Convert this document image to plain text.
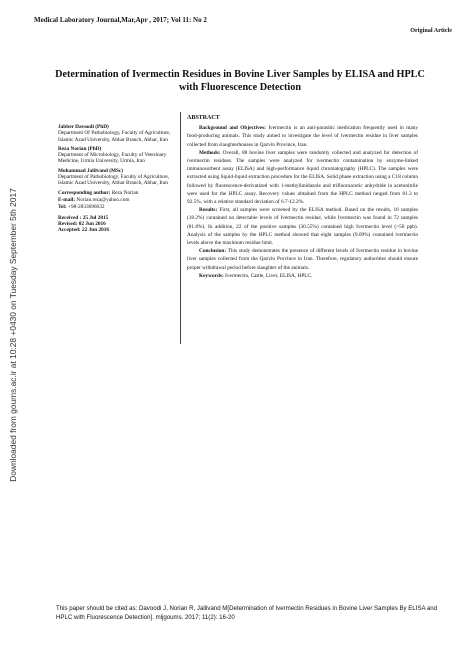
Medical Laboratory Journal,Mar,Apr , 2017; Vol 11: No 2
Original Article
Downloaded from goums.ac.ir at 10:28 +0430 on Tuesday September 5th 2017
Determination of Ivermectin Residues in Bovine Liver Samples by ELISA and HPLC with Fluorescence Detection
Jabber Davoodi (PhD)
Department Of Pathobiology, Faculty of Agriculture, Islamic Azad University, Abhar Branch, Abhar, Iran
Reza Norian (PhD)
Department of Microbiology, Faculty of Veterinary Medicine, Urmia University, Urmia, Iran
Mohammad Jalilvand (MSc)
Department of Pathobiology, Faculty of Agriculture, Islamic Azad University, Abhar Branch, Abhar, Iran
Corresponding author: Reza Norian
E-mail: Norian.reza@yahoo.com
Tel: +98-2833696032
Received : 25 Jul 2015
Revised: 02 Jun 2016
Accepted: 22 Jun 2016
ABSTRACT

Background and Objectives: Ivermectin is an anti-parasitic medication frequently used in many food-producing animals. This study aimed to investigate the level of ivermectin residue in liver samples collected from slaughterhouses in Qazvin Province, Iran.

Methods: Overall, 88 bovine liver samples were randomly collected and analyzed for detection of ivermectin residues. The samples were analyzed for ivermectin contamination by enzyme-linked immunosorbent assay (ELISA) and high-performance liquid chromatography (HPLC). The samples were extracted using liquid-liquid extraction procedure for the ELISA. Solid phase extraction using a C18 column followed by fluorescence-derivatized with 1-methylimidazole and trifluoroacetic anhydride in acetonitrile were used for the HPLC assay. Recovery values obtained from the HPLC method ranged from 81.3 to 92.5%, with a relative standard deviation of 6.7-12.2%.

Results: First, all samples were screened by the ELISA method. Based on the results, 16 samples (18.2%) contained no detectable levels of Ivermectin residue, while Ivermectin was found in 72 samples (81.8%). In addition, 22 of the positive samples (30.55%) contained high Ivermectin level (>50 ppb). Analysis of the samples by the HPLC method showed that eight samples (9.09%) contained ivermectin levels above the maximum residue limit.

Conclusion: This study demonstrates the presence of different levels of Ivermectin residue in bovine liver samples collected from the Qazvin Province in Iran. Therefore, regulatory authorities should ensure proper withdrawal period before slaughter of the animals.

Keywords: Ivermectin, Cattle, Liver, ELISA, HPLC.

This paper should be cited as: Davoodi J, Norian R, Jalilvand M[Determination of Ivermectin Residues in Bovine Liver Samples By ELISA and HPLC with Fluorescence Detection]. mljgoums. 2017; 11(2): 16-20
